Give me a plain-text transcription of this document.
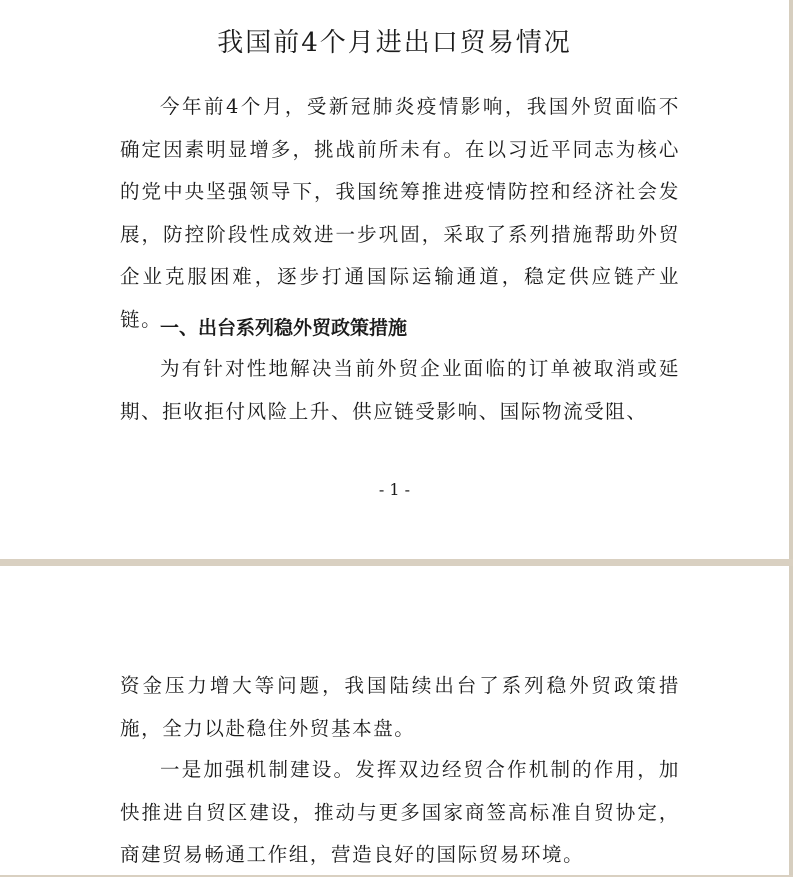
我国前4个月进出口贸易情况

今年前4个月，受新冠肺炎疫情影响，我国外贸面临不确定因素明显增多，挑战前所未有。在以习近平同志为核心的党中央坚强领导下，我国统筹推进疫情防控和经济社会发展，防控阶段性成效进一步巩固，采取了系列措施帮助外贸企业克服困难，逐步打通国际运输通道，稳定供应链产业链。

一、出台系列稳外贸政策措施

为有针对性地解决当前外贸企业面临的订单被取消或延期、拒收拒付风险上升、供应链受影响、国际物流受阻、

- 1 -

资金压力增大等问题，我国陆续出台了系列稳外贸政策措施，全力以赴稳住外贸基本盘。

一是加强机制建设。发挥双边经贸合作机制的作用，加快推进自贸区建设，推动与更多国家商签高标准自贸协定，商建贸易畅通工作组，营造良好的国际贸易环境。
